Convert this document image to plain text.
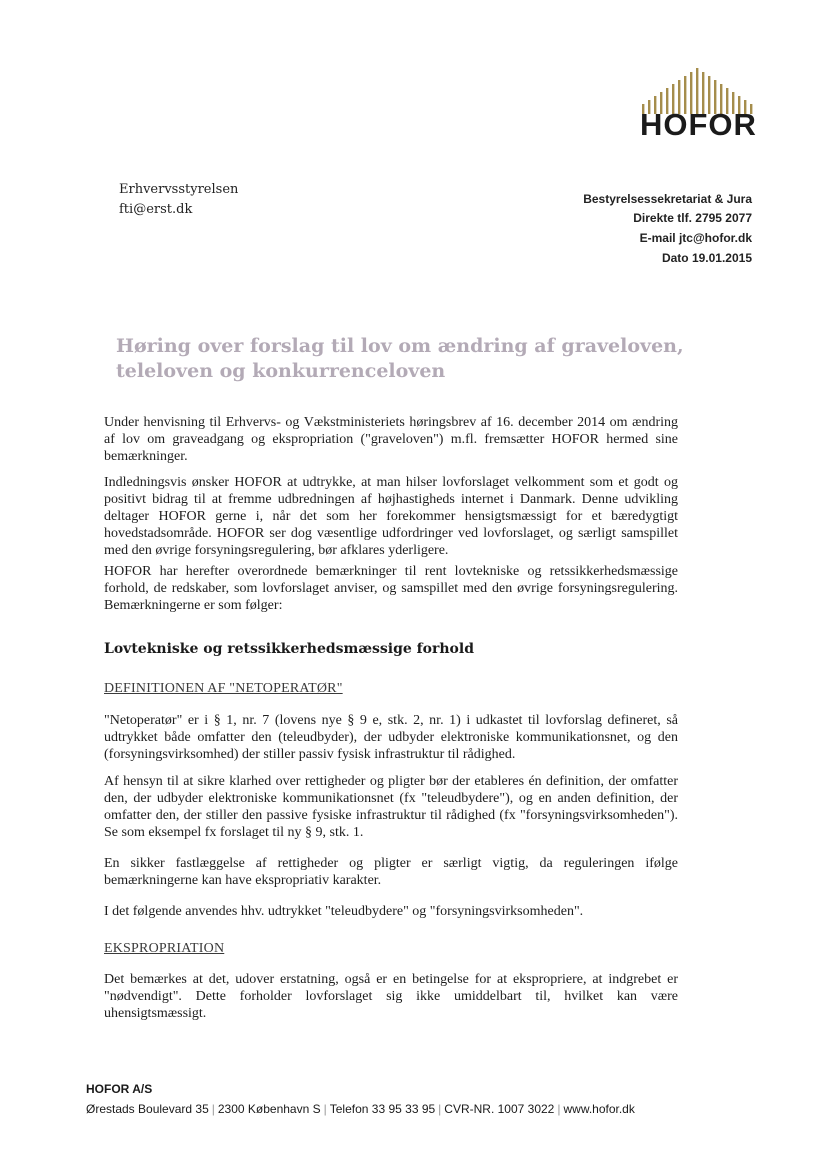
HOFOR
Erhvervsstyrelsen
fti@erst.dk
Bestyrelsessekretariat & Jura
Direkte tlf. 2795 2077
E-mail jtc@hofor.dk
Dato 19.01.2015
Høring over forslag til lov om ændring af graveloven, teleloven og konkurrenceloven

Under henvisning til Erhvervs- og Vækstministeriets høringsbrev af 16. december 2014 om ændring af lov om graveadgang og ekspropriation ("graveloven") m.fl. fremsætter HOFOR hermed sine bemærkninger.

Indledningsvis ønsker HOFOR at udtrykke, at man hilser lovforslaget velkomment som et godt og positivt bidrag til at fremme udbredningen af højhastigheds internet i Danmark. Denne udvikling deltager HOFOR gerne i, når det som her forekommer hensigtsmæssigt for et bæredygtigt hovedstadsområde. HOFOR ser dog væsentlige udfordringer ved lovforslaget, og særligt samspillet med den øvrige forsyningsregulering, bør afklares yderligere.

HOFOR har herefter overordnede bemærkninger til rent lovtekniske og retssikkerhedsmæssige forhold, de redskaber, som lovforslaget anviser, og samspillet med den øvrige forsyningsregulering. Bemærkningerne er som følger:

Lovtekniske og retssikkerhedsmæssige forhold
DEFINITIONEN AF "NETOPERATØR"

"Netoperatør" er i § 1, nr. 7 (lovens nye § 9 e, stk. 2, nr. 1) i udkastet til lovforslag defineret, så udtrykket både omfatter den (teleudbyder), der udbyder elektroniske kommunikationsnet, og den (forsyningsvirksomhed) der stiller passiv fysisk infrastruktur til rådighed.

Af hensyn til at sikre klarhed over rettigheder og pligter bør der etableres én definition, der omfatter den, der udbyder elektroniske kommunikationsnet (fx "teleudbydere"), og en anden definition, der omfatter den, der stiller den passive fysiske infrastruktur til rådighed (fx "forsyningsvirksomheden"). Se som eksempel fx forslaget til ny § 9, stk. 1.

En sikker fastlæggelse af rettigheder og pligter er særligt vigtig, da reguleringen ifølge bemærkningerne kan have ekspropriativ karakter.

I det følgende anvendes hhv. udtrykket "teleudbydere" og "forsyningsvirksomheden".

EKSPROPRIATION

Det bemærkes at det, udover erstatning, også er en betingelse for at ekspropriere, at indgrebet er "nødvendigt". Dette forholder lovforslaget sig ikke umiddelbart til, hvilket kan være uhensigtsmæssigt.

HOFOR A/S
Ørestads Boulevard 35 | 2300 København S | Telefon 33 95 33 95 | CVR-NR. 1007 3022 | www.hofor.dk
